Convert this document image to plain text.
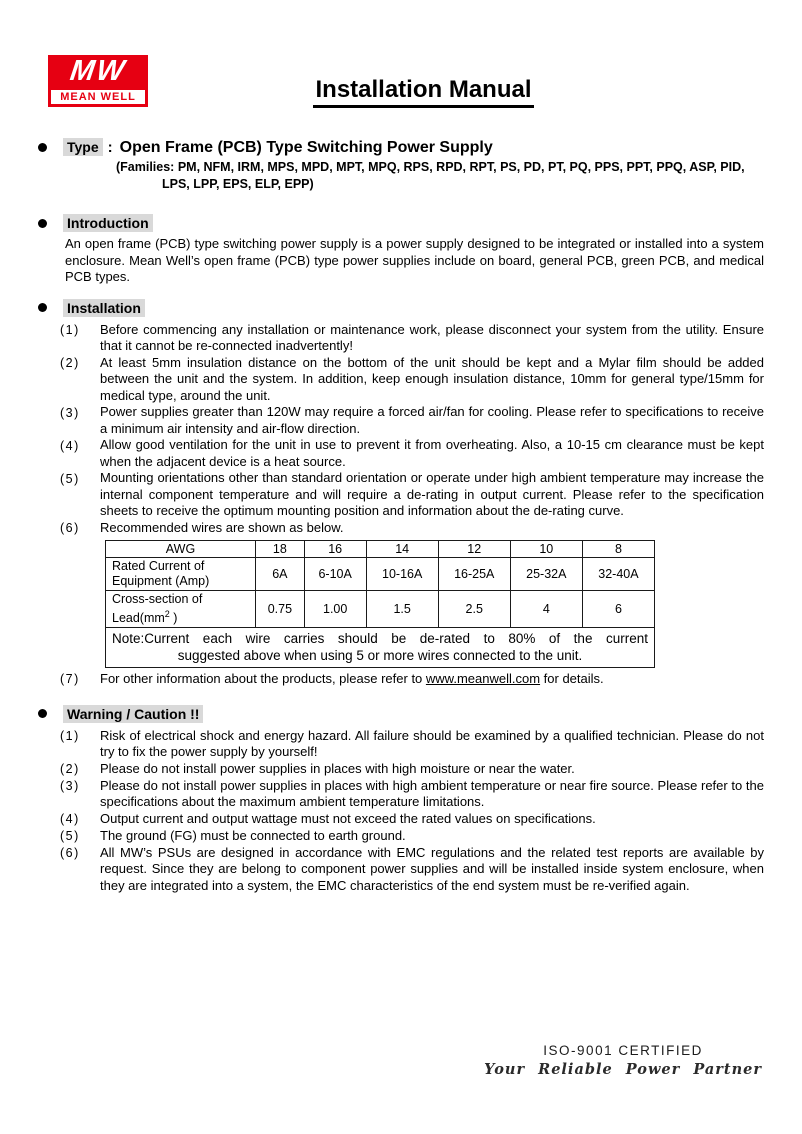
MW
MEAN WELL	Installation Manual
Type : Open Frame (PCB) Type Switching Power Supply
(Families: PM, NFM, IRM, MPS, MPD, MPT, MPQ, RPS, RPD, RPT, PS, PD, PT, PQ, PPS, PPT, PPQ, ASP, PID,
LPS, LPP, EPS, ELP, EPP)
Introduction
An open frame (PCB) type switching power supply is a power supply designed to be integrated or installed into a system enclosure. Mean Well’s open frame (PCB) type power supplies include on board, general PCB, green PCB, and medical PCB types.
Installation
(1)	Before commencing any installation or maintenance work, please disconnect your system from the utility. Ensure that it cannot be re-connected inadvertently!
(2)	At least 5mm insulation distance on the bottom of the unit should be kept and a Mylar film should be added between the unit and the system. In addition, keep enough insulation distance, 10mm for general type/15mm for medical type, around the unit.
(3)	Power supplies greater than 120W may require a forced air/fan for cooling. Please refer to specifications to receive a minimum air intensity and air-flow direction.
(4)	Allow good ventilation for the unit in use to prevent it from overheating. Also, a 10-15 cm clearance must be kept when the adjacent device is a heat source.
(5)	Mounting orientations other than standard orientation or operate under high ambient temperature may increase the internal component temperature and will require a de-rating in output current. Please refer to the specification sheets to receive the optimum mounting position and information about the de-rating curve.
(6)	Recommended wires are shown as below.
AWG	18	16	14	12	10	8
Rated Current of Equipment (Amp)	6A	6-10A	10-16A	16-25A	25-32A	32-40A
Cross-section of $Lead(mm^2$ )	0.75	1.00	1.5	2.5	4	6

Note:Current each wire carries should be de-rated to 80% of the current
suggested above when using 5 or more wires connected to the unit.						
(7)	For other information about the products, please refer to www.meanwell.com for details.
Warning / Caution !!
(1)	Risk of electrical shock and energy hazard. All failure should be examined by a qualified technician. Please do not try to fix the power supply by yourself!
(2)	Please do not install power supplies in places with high moisture or near the water.
(3)	Please do not install power supplies in places with high ambient temperature or near fire source. Please refer to the specifications about the maximum ambient temperature limitations.
(4)	Output current and output wattage must not exceed the rated values on specifications.
(5)	The ground (FG) must be connected to earth ground.
(6)	All MW’s PSUs are designed in accordance with EMC regulations and the related test reports are available by request. Since they are belong to component power supplies and will be installed inside system enclosure, when they are integrated into a system, the EMC characteristics of the end system must be re-verified again.
ISO-9001 CERTIFIED
Your Reliable Power Partner
